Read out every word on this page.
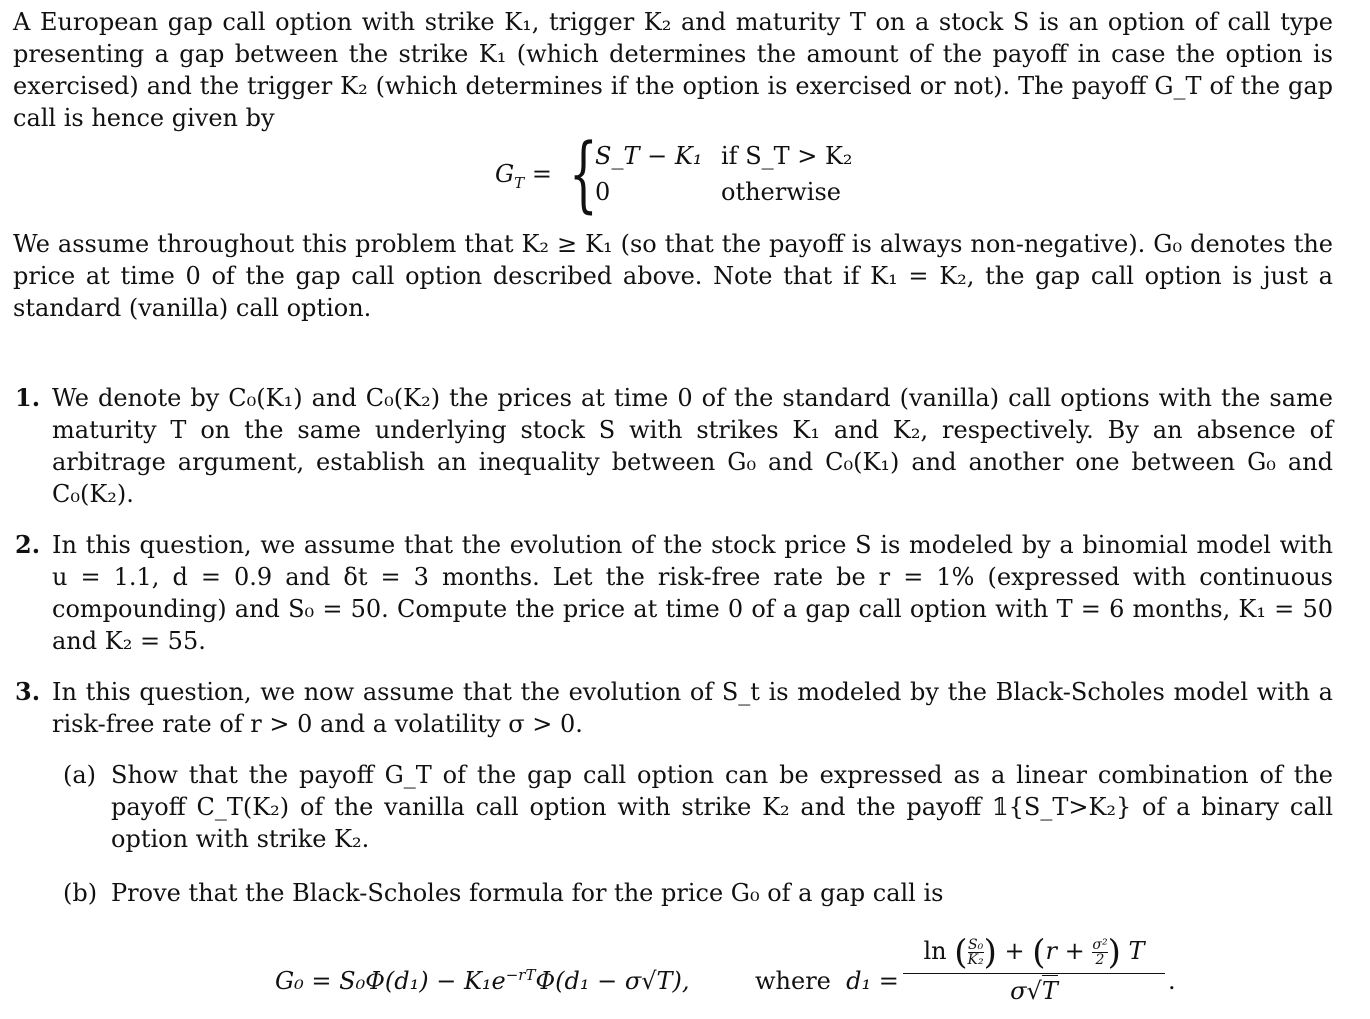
A European gap call option with strike K₁, trigger K₂ and maturity T on a stock S is an option of call type presenting a gap between the strike K₁ (which determines the amount of the payoff in case the option is exercised) and the trigger K₂ (which determines if the option is exercised or not). The payoff G_T of the gap call is hence given by
$G_T$ = {
S_T − K₁ if S_T > K₂
0	otherwise
We assume throughout this problem that K₂ ≥ K₁ (so that the payoff is always non-negative). G₀ denotes the price at time 0 of the gap call option described above. Note that if K₁ = K₂, the gap call option is just a standard (vanilla) call option.
1. We denote by C₀(K₁) and C₀(K₂) the prices at time 0 of the standard (vanilla) call options with the same maturity T on the same underlying stock S with strikes K₁ and K₂, respectively. By an absence of arbitrage argument, establish an inequality between G₀ and C₀(K₁) and another one between G₀ and C₀(K₂).
2. In this question, we assume that the evolution of the stock price S is modeled by a binomial model with u = 1.1, d = 0.9 and δt = 3 months. Let the risk-free rate be r = 1% (expressed with continuous compounding) and S₀ = 50. Compute the price at time 0 of a gap call option with T = 6 months, K₁ = 50 and K₂ = 55.
3. In this question, we now assume that the evolution of S_t is modeled by the Black-Scholes model with a risk-free rate of r > 0 and a volatility σ > 0.
(a) Show that the payoff G_T of the gap call option can be expressed as a linear combination of the payoff C_T(K₂) of the vanilla call option with strike K₂ and the payoff 𝟙{S_T>K₂} of a binary call option with strike K₂.
(b) Prove that the Black-Scholes formula for the price G₀ of a gap call is
$G_0 = S_0\Phi(d_1) - K_1e^{-rT}\Phi(d_1 - \sigma√T)$,	where d₁ =
ln ( $\frac{\text{S₀}}{\text{K₂}}$ ) + ($r + \frac{\text{σ²}}{2}$ ) T
σ√T	.
